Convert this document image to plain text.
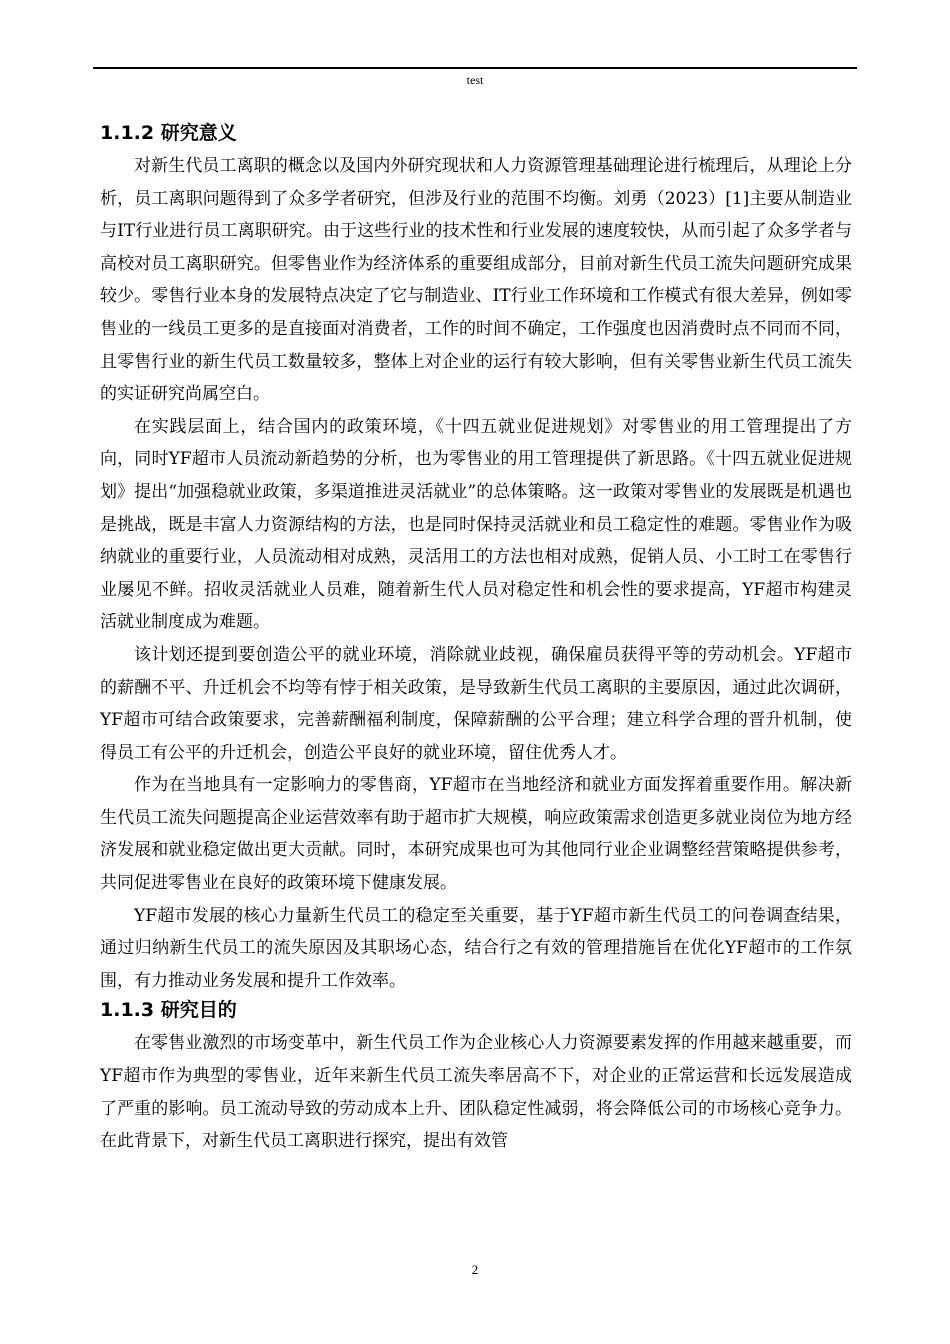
test
1.1.2 研究意义

对新生代员工离职的概念以及国内外研究现状和人力资源管理基础理论进行梳理后，从理论上分析，员工离职问题得到了众多学者研究，但涉及行业的范围不均衡。刘勇（2023）[1]主要从制造业与IT行业进行员工离职研究。由于这些行业的技术性和行业发展的速度较快，从而引起了众多学者与高校对员工离职研究。但零售业作为经济体系的重要组成部分，目前对新生代员工流失问题研究成果较少。零售行业本身的发展特点决定了它与制造业、IT行业工作环境和工作模式有很大差异，例如零售业的一线员工更多的是直接面对消费者，工作的时间不确定，工作强度也因消费时点不同而不同，且零售行业的新生代员工数量较多，整体上对企业的运行有较大影响，但有关零售业新生代员工流失的实证研究尚属空白。

在实践层面上，结合国内的政策环境，《十四五就业促进规划》对零售业的用工管理提出了方向，同时YF超市人员流动新趋势的分析，也为零售业的用工管理提供了新思路。《十四五就业促进规划》提出“加强稳就业政策，多渠道推进灵活就业”的总体策略。这一政策对零售业的发展既是机遇也是挑战，既是丰富人力资源结构的方法，也是同时保持灵活就业和员工稳定性的难题。零售业作为吸纳就业的重要行业，人员流动相对成熟，灵活用工的方法也相对成熟，促销人员、小工时工在零售行业屡见不鲜。招收灵活就业人员难，随着新生代人员对稳定性和机会性的要求提高，YF超市构建灵活就业制度成为难题。

该计划还提到要创造公平的就业环境，消除就业歧视，确保雇员获得平等的劳动机会。YF超市的薪酬不平、升迁机会不均等有悖于相关政策，是导致新生代员工离职的主要原因，通过此次调研，YF超市可结合政策要求，完善薪酬福利制度，保障薪酬的公平合理；建立科学合理的晋升机制，使得员工有公平的升迁机会，创造公平良好的就业环境，留住优秀人才。

作为在当地具有一定影响力的零售商，YF超市在当地经济和就业方面发挥着重要作用。解决新生代员工流失问题提高企业运营效率有助于超市扩大规模，响应政策需求创造更多就业岗位为地方经济发展和就业稳定做出更大贡献。同时，本研究成果也可为其他同行业企业调整经营策略提供参考，共同促进零售业在良好的政策环境下健康发展。

YF超市发展的核心力量新生代员工的稳定至关重要，基于YF超市新生代员工的问卷调查结果，通过归纳新生代员工的流失原因及其职场心态，结合行之有效的管理措施旨在优化YF超市的工作氛围，有力推动业务发展和提升工作效率。

1.1.3 研究目的

在零售业激烈的市场变革中，新生代员工作为企业核心人力资源要素发挥的作用越来越重要，而YF超市作为典型的零售业，近年来新生代员工流失率居高不下，对企业的正常运营和长远发展造成了严重的影响。员工流动导致的劳动成本上升、团队稳定性减弱，将会降低公司的市场核心竞争力。在此背景下，对新生代员工离职进行探究，提出有效管

2
